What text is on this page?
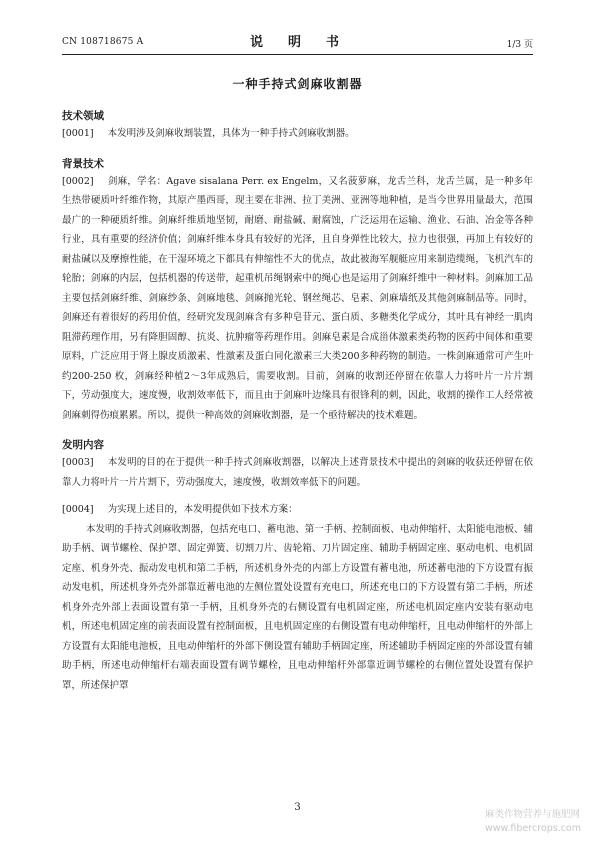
CN 108718675 A	说　明　书	1/3 页
一种手持式剑麻收割器

技术领域

[0001] 本发明涉及剑麻收割装置，具体为一种手持式剑麻收割器。

背景技术

[0002] 剑麻，学名：Agave sisalana Perr. ex Engelm，又名菠萝麻，龙舌兰科，龙舌兰属，是一种多年生热带硬质叶纤维作物，其原产墨西哥，现主要在非洲、拉丁美洲、亚洲等地种植，是当今世界用量最大，范围最广的一种硬质纤维。剑麻纤维质地坚韧，耐磨、耐盐碱、耐腐蚀，广泛运用在运输、渔业、石油、冶金等各种行业，具有重要的经济价值；剑麻纤维本身具有较好的光泽，且自身弹性比较大，拉力也很强，再加上有较好的耐盐碱以及摩擦性能，在干湿环境之下都具有伸缩性不大的优点，故此被海军舰艇应用来制造缆绳，飞机汽车的轮胎；剑麻的内层，包括机器的传送带，起重机吊绳钢索中的绳心也是运用了剑麻纤维中一种材料。剑麻加工品主要包括剑麻纤维、剑麻纱条、剑麻地毯、剑麻抛光轮、钢丝绳芯、皂素、剑麻墙纸及其他剑麻制品等。同时，剑麻还有着很好的药用价值，经研究发现剑麻含有多种皂苷元、蛋白质、多糖类化学成分，其叶具有神经一肌肉阻滞药理作用，另有降胆固醇、抗炎、抗肿瘤等药理作用。剑麻皂素是合成甾体激素类药物的医药中间体和重要原料，广泛应用于肾上腺皮质激素、性激素及蛋白同化激素三大类200多种药物的制造。一株剑麻通常可产生叶约200-250 枚，剑麻经种植2～3年成熟后，需要收割。目前，剑麻的收割还停留在依靠人力将叶片一片片割下，劳动强度大，速度慢，收割效率低下，而且由于剑麻叶边缘具有很锋利的刺，因此，收割的操作工人经常被剑麻刺得伤痕累累。所以，提供一种高效的剑麻收割器，是一个亟待解决的技术难题。

发明内容

[0003] 本发明的目的在于提供一种手持式剑麻收割器，以解决上述背景技术中提出的剑麻的收获还停留在依靠人力将叶片一片片割下，劳动强度大，速度慢，收割效率低下的问题。

[0004] 为实现上述目的，本发明提供如下技术方案：

本发明的手持式剑麻收割器，包括充电口、蓄电池、第一手柄、控制面板、电动伸缩杆、太阳能电池板、辅助手柄、调节螺栓、保护罩、固定弹簧、切割刀片、齿轮箱、刀片固定座、辅助手柄固定座、驱动电机、电机固定座、机身外壳、振动发电机和第二手柄，所述机身外壳的内部上方设置有蓄电池，所述蓄电池的下方设置有振动发电机，所述机身外壳外部靠近蓄电池的左侧位置处设置有充电口，所述充电口的下方设置有第二手柄，所述机身外壳外部上表面设置有第一手柄，且机身外壳的右侧设置有电机固定座，所述电机固定座内安装有驱动电机，所述电机固定座的前表面设置有控制面板，且电机固定座的右侧设置有电动伸缩杆，且电动伸缩杆的外部上方设置有太阳能电池板，且电动伸缩杆的外部下侧设置有辅助手柄固定座，所述辅助手柄固定座的外部设置有辅助手柄，所述电动伸缩杆右端表面设置有调节螺栓，且电动伸缩杆外部靠近调节螺栓的右侧位置处设置有保护罩，所述保护罩

3
麻类作物营养与施肥网
www.fibercrops.com
